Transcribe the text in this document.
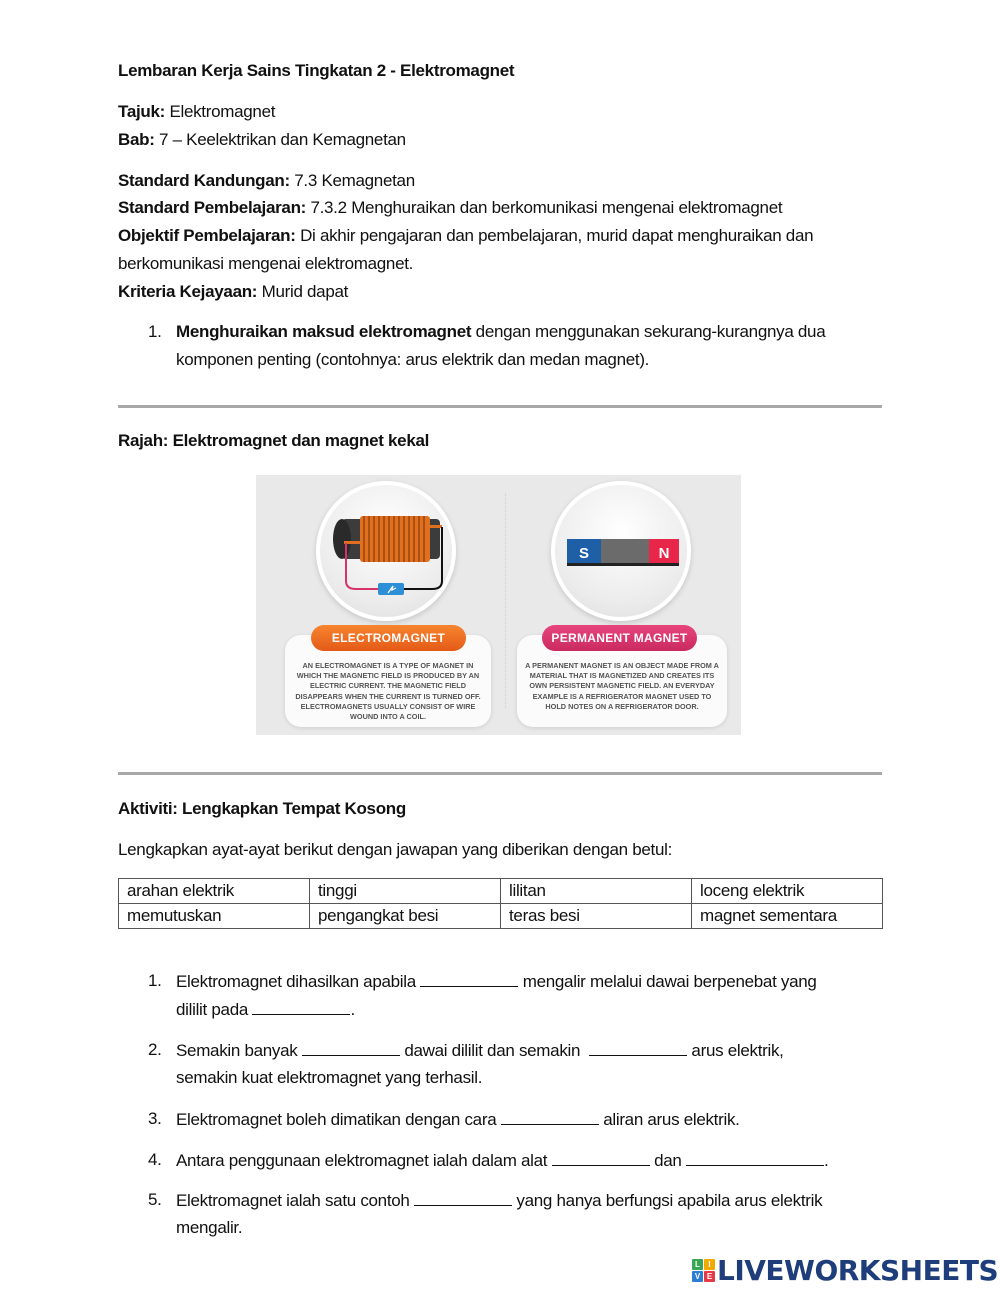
Lembaran Kerja Sains Tingkatan 2 - Elektromagnet
Tajuk: Elektromagnet
Bab: 7 – Keelektrikan dan Kemagnetan
Standard Kandungan: 7.3 Kemagnetan
Standard Pembelajaran: 7.3.2 Menghuraikan dan berkomunikasi mengenai elektromagnet
Objektif Pembelajaran: Di akhir pengajaran dan pembelajaran, murid dapat menghuraikan dan
berkomunikasi mengenai elektromagnet.
Kriteria Kejayaan: Murid dapat
1. Menghuraikan maksud elektromagnet dengan menggunakan sekurang-kurangnya dua
komponen penting (contohnya: arus elektrik dan medan magnet).
Rajah: Elektromagnet dan magnet kekal
Aktiviti: Lengkapkan Tempat Kosong
Lengkapkan ayat-ayat berikut dengan jawapan yang diberikan dengan betul:
arahan elektrik	tinggi	lilitan	loceng elektrik
memutuskan	pengangkat besi	teras besi	magnet sementara
1. Elektromagnet dihasilkan apabila	mengalir melalui dawai berpenebat yang
dililit pada	.
2. Semakin banyak	dawai dililit dan semakin	arus elektrik,
semakin kuat elektromagnet yang terhasil.
3. Elektromagnet boleh dimatikan dengan cara	aliran arus elektrik.
4. Antara penggunaan elektromagnet ialah dalam alat	dan	.
5. Elektromagnet ialah satu contoh	yang hanya berfungsi apabila arus elektrik
mengalir.
S	N
AN ELECTROMAGNET IS A TYPE OF MAGNET IN WHICH THE MAGNETIC FIELD IS PRODUCED BY AN ELECTRIC CURRENT. THE MAGNETIC FIELD DISAPPEARS WHEN THE CURRENT IS TURNED OFF. ELECTROMAGNETS USUALLY CONSIST OF WIRE WOUND INTO A COIL.
ELECTROMAGNET
A PERMANENT MAGNET IS AN OBJECT MADE FROM A MATERIAL THAT IS MAGNETIZED AND CREATES ITS OWN PERSISTENT MAGNETIC FIELD. AN EVERYDAY EXAMPLE IS A REFRIGERATOR MAGNET USED TO HOLD NOTES ON A REFRIGERATOR DOOR.
PERMANENT MAGNET
L	I
V E LIVEWORKSHEETS
